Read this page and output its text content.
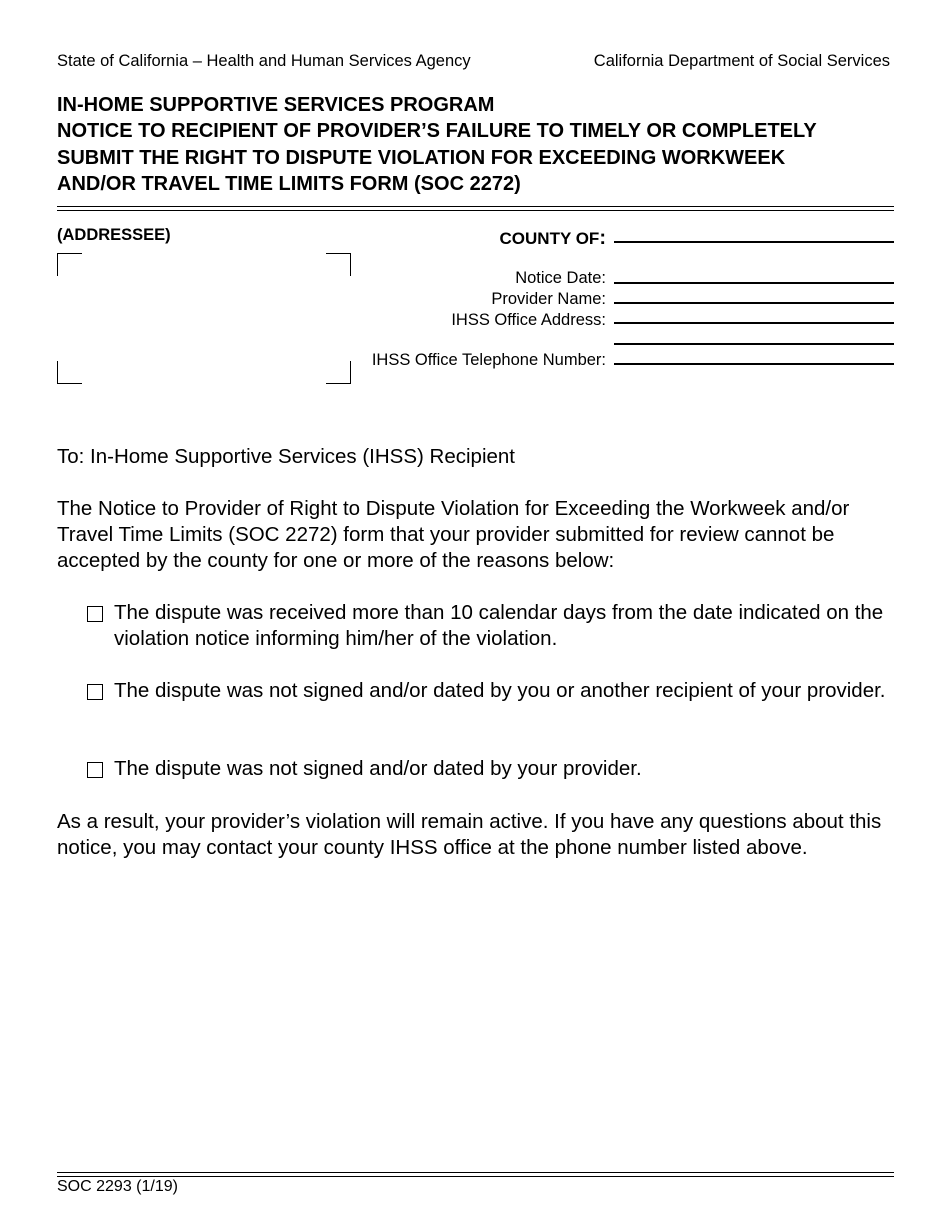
State of California – Health and Human Services Agency	California Department of Social Services
IN-HOME SUPPORTIVE SERVICES PROGRAM
NOTICE TO RECIPIENT OF PROVIDER’S FAILURE TO TIMELY OR COMPLETELY
SUBMIT THE RIGHT TO DISPUTE VIOLATION FOR EXCEEDING WORKWEEK
AND/OR TRAVEL TIME LIMITS FORM (SOC 2272)
(ADDRESSEE)	COUNTY OF:
Notice Date:
Provider Name:
IHSS Office Address:
IHSS Office Telephone Number:
To: In-Home Supportive Services (IHSS) Recipient
The Notice to Provider of Right to Dispute Violation for Exceeding the Workweek and/or Travel Time Limits (SOC 2272) form that your provider submitted for review cannot be accepted by the county for one or more of the reasons below:
The dispute was received more than 10 calendar days from the date indicated on the violation notice informing him/her of the violation.
The dispute was not signed and/or dated by you or another recipient of your provider.
The dispute was not signed and/or dated by your provider.
As a result, your provider’s violation will remain active. If you have any questions about this notice, you may contact your county IHSS office at the phone number listed above.
SOC 2293 (1/19)
